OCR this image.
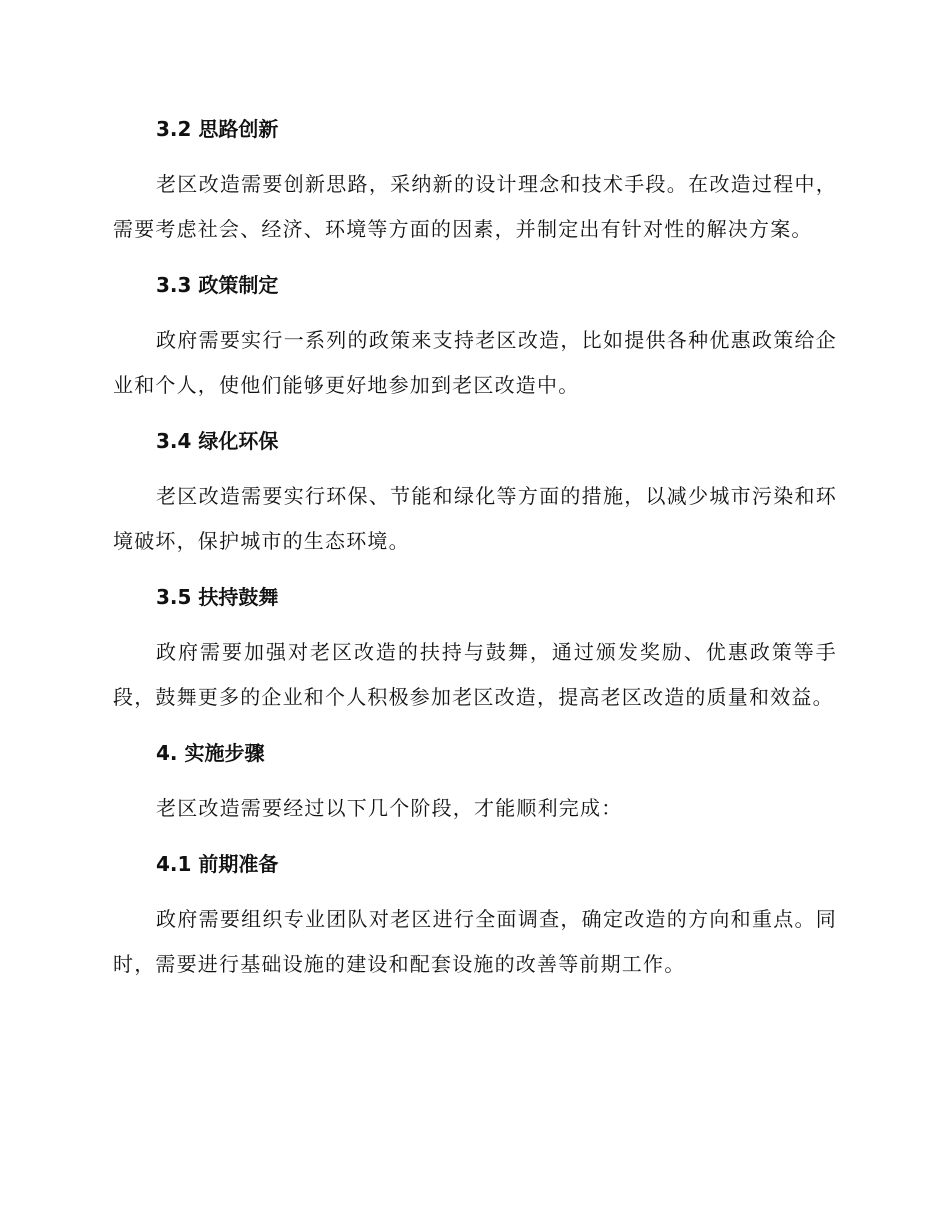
3.2 思路创新

老区改造需要创新思路，采纳新的设计理念和技术手段。在改造过程中，需要考虑社会、经济、环境等方面的因素，并制定出有针对性的解决方案。

3.3 政策制定

政府需要实行一系列的政策来支持老区改造，比如提供各种优惠政策给企业和个人，使他们能够更好地参加到老区改造中。

3.4 绿化环保

老区改造需要实行环保、节能和绿化等方面的措施，以减少城市污染和环境破坏，保护城市的生态环境。

3.5 扶持鼓舞

政府需要加强对老区改造的扶持与鼓舞，通过颁发奖励、优惠政策等手段，鼓舞更多的企业和个人积极参加老区改造，提高老区改造的质量和效益。

4. 实施步骤

老区改造需要经过以下几个阶段，才能顺利完成：

4.1 前期准备

政府需要组织专业团队对老区进行全面调查，确定改造的方向和重点。同时，需要进行基础设施的建设和配套设施的改善等前期工作。
